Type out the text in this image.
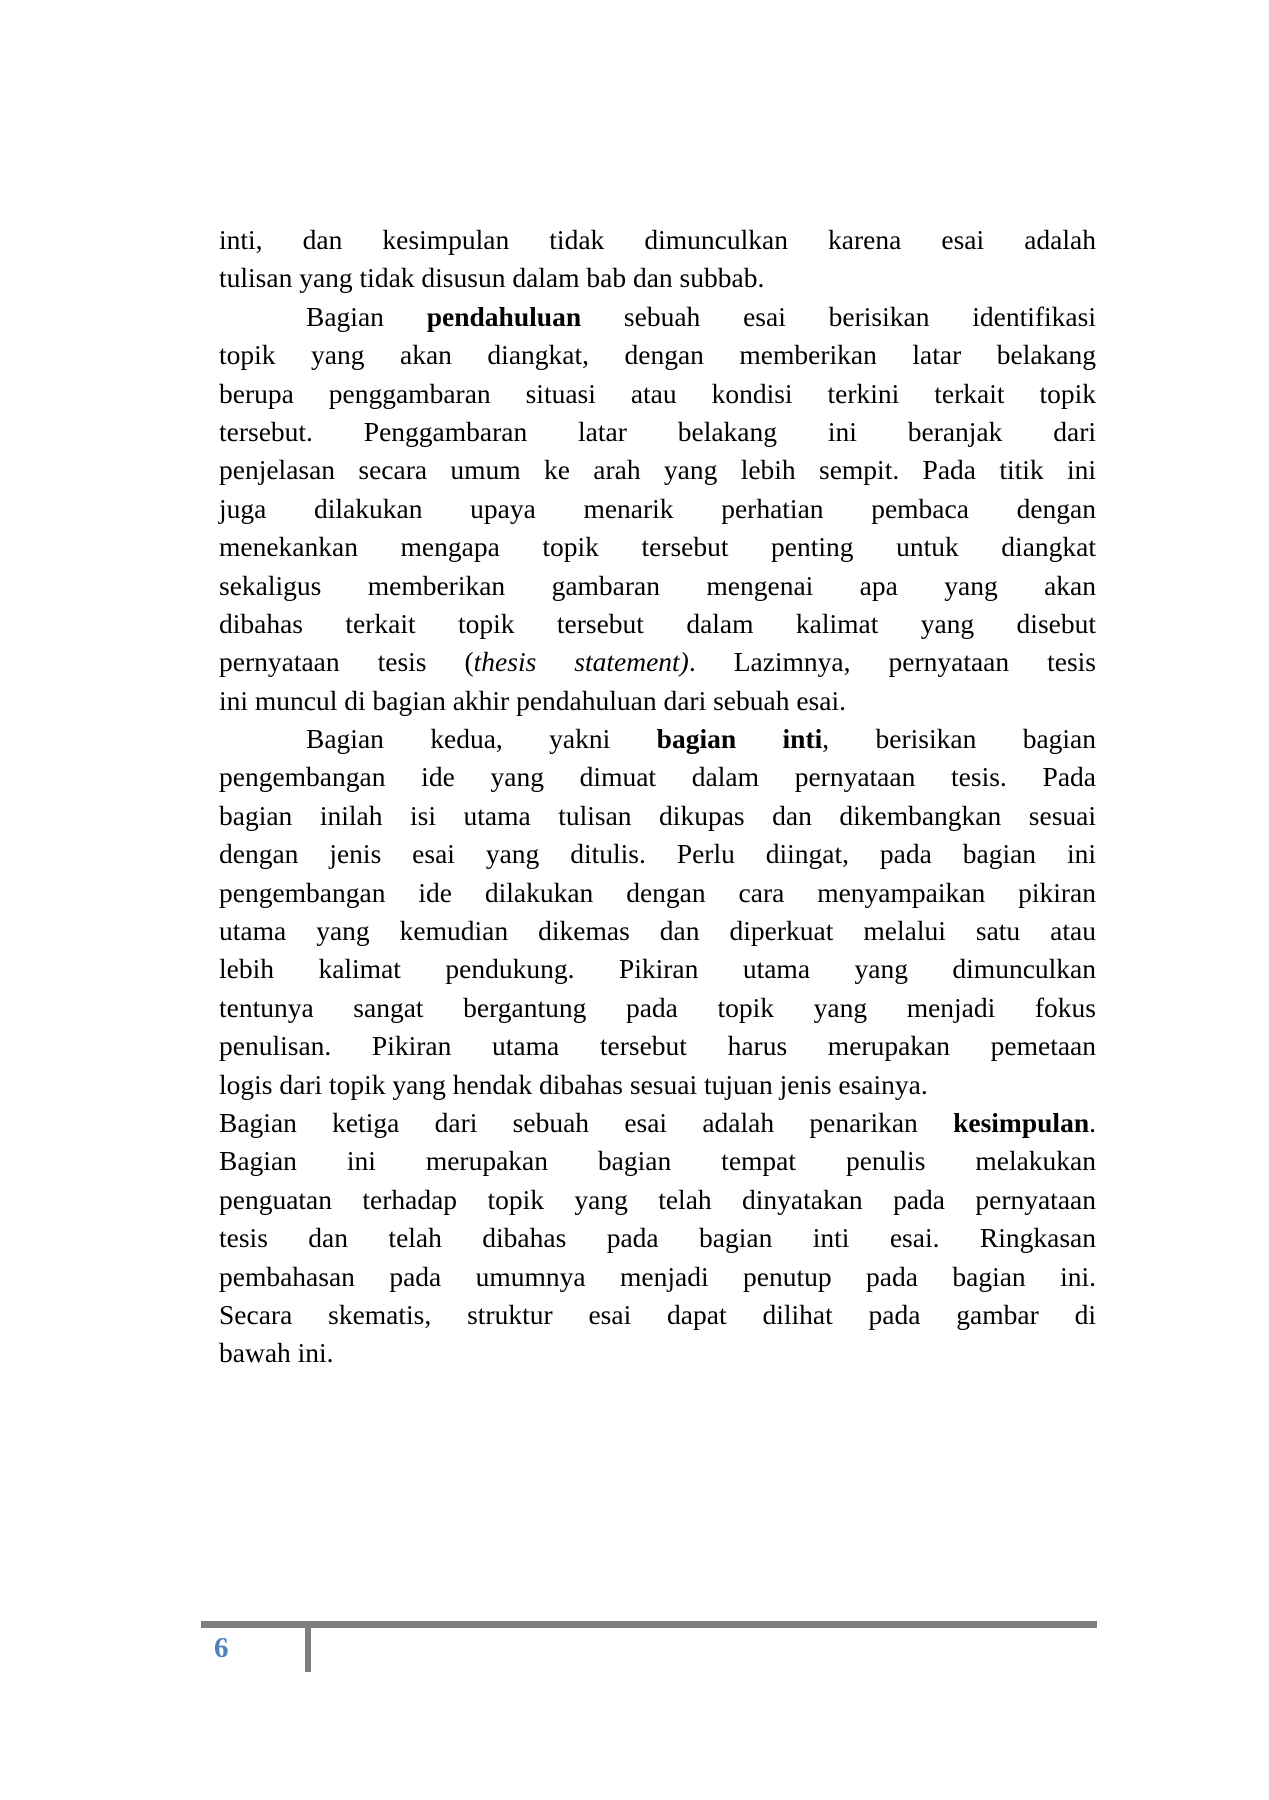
inti, dan kesimpulan tidak dimunculkan karena esai adalah
tulisan yang tidak disusun dalam bab dan subbab.
Bagian pendahuluan sebuah esai berisikan identifikasi
topik yang akan diangkat, dengan memberikan latar belakang
berupa penggambaran situasi atau kondisi terkini terkait topik
tersebut. Penggambaran latar belakang ini beranjak dari
penjelasan secara umum ke arah yang lebih sempit. Pada titik ini
juga dilakukan upaya menarik perhatian pembaca dengan
menekankan mengapa topik tersebut penting untuk diangkat
sekaligus memberikan gambaran mengenai apa yang akan
dibahas terkait topik tersebut dalam kalimat yang disebut
pernyataan tesis (thesis statement). Lazimnya, pernyataan tesis
ini muncul di bagian akhir pendahuluan dari sebuah esai.
Bagian kedua, yakni bagian inti, berisikan bagian
pengembangan ide yang dimuat dalam pernyataan tesis. Pada
bagian inilah isi utama tulisan dikupas dan dikembangkan sesuai
dengan jenis esai yang ditulis. Perlu diingat, pada bagian ini
pengembangan ide dilakukan dengan cara menyampaikan pikiran
utama yang kemudian dikemas dan diperkuat melalui satu atau
lebih kalimat pendukung. Pikiran utama yang dimunculkan
tentunya sangat bergantung pada topik yang menjadi fokus
penulisan. Pikiran utama tersebut harus merupakan pemetaan
logis dari topik yang hendak dibahas sesuai tujuan jenis esainya.
Bagian ketiga dari sebuah esai adalah penarikan kesimpulan.
Bagian ini merupakan bagian tempat penulis melakukan
penguatan terhadap topik yang telah dinyatakan pada pernyataan
tesis dan telah dibahas pada bagian inti esai. Ringkasan
pembahasan pada umumnya menjadi penutup pada bagian ini.
Secara skematis, struktur esai dapat dilihat pada gambar di
bawah ini.
6
